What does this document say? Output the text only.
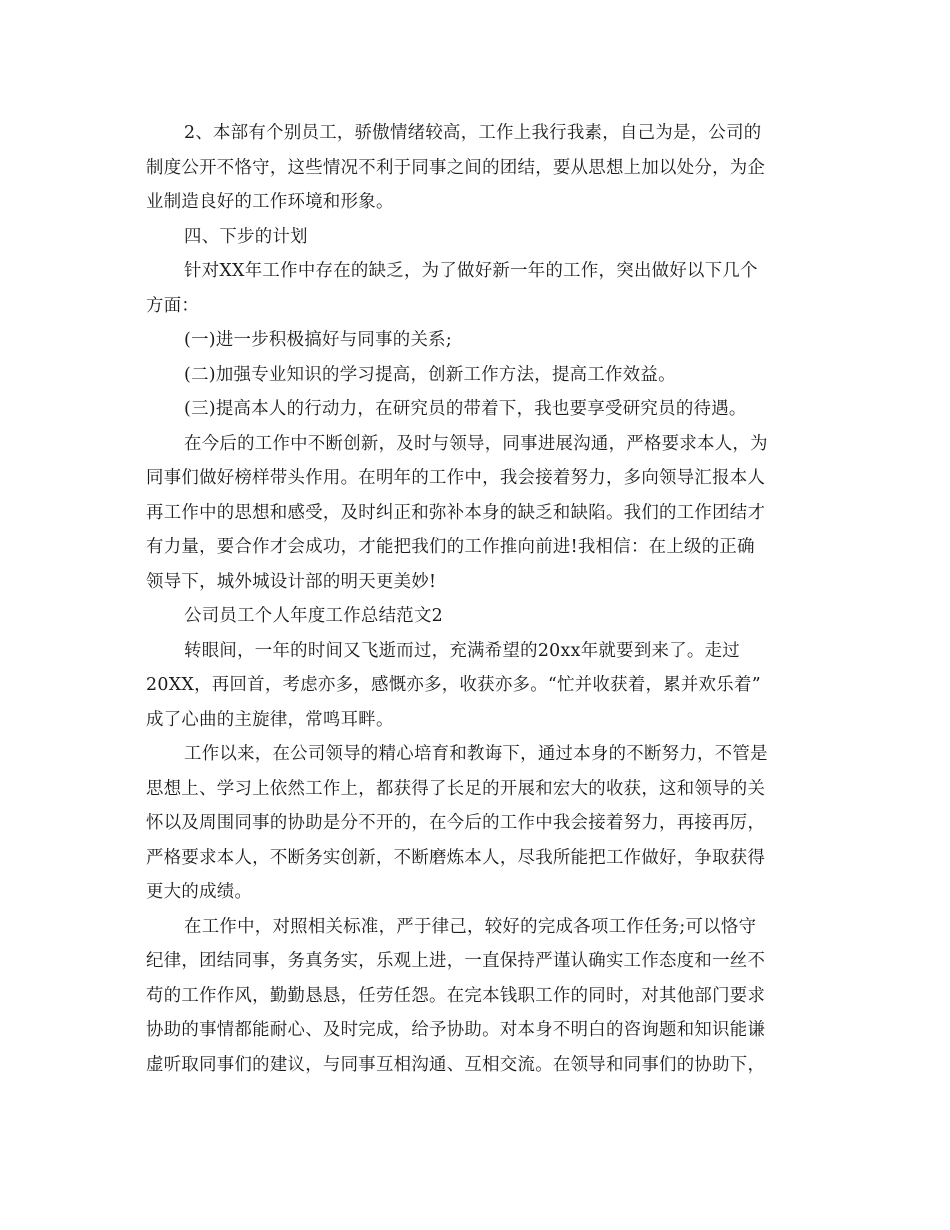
2、本部有个别员工，骄傲情绪较高，工作上我行我素，自己为是，公司的
制度公开不恪守，这些情况不利于同事之间的团结，要从思想上加以处分，为企
业制造良好的工作环境和形象。
四、下步的计划
针对XX年工作中存在的缺乏，为了做好新一年的工作，突出做好以下几个
方面：
(一)进一步积极搞好与同事的关系;
(二)加强专业知识的学习提高，创新工作方法，提高工作效益。
(三)提高本人的行动力，在研究员的带着下，我也要享受研究员的待遇。
在今后的工作中不断创新，及时与领导，同事进展沟通，严格要求本人，为
同事们做好榜样带头作用。在明年的工作中，我会接着努力，多向领导汇报本人
再工作中的思想和感受，及时纠正和弥补本身的缺乏和缺陷。我们的工作团结才
有力量，要合作才会成功，才能把我们的工作推向前进!我相信：在上级的正确
领导下，城外城设计部的明天更美妙!
公司员工个人年度工作总结范文2
转眼间，一年的时间又飞逝而过，充满希望的20xx年就要到来了。走过
20XX，再回首，考虑亦多，感慨亦多，收获亦多。“忙并收获着，累并欢乐着”
成了心曲的主旋律，常鸣耳畔。
工作以来，在公司领导的精心培育和教诲下，通过本身的不断努力，不管是
思想上、学习上依然工作上，都获得了长足的开展和宏大的收获，这和领导的关
怀以及周围同事的协助是分不开的，在今后的工作中我会接着努力，再接再厉，
严格要求本人，不断务实创新，不断磨炼本人，尽我所能把工作做好，争取获得
更大的成绩。
在工作中，对照相关标准，严于律己，较好的完成各项工作任务;可以恪守
纪律，团结同事，务真务实，乐观上进，一直保持严谨认确实工作态度和一丝不
苟的工作作风，勤勤恳恳，任劳任怨。在完本钱职工作的同时，对其他部门要求
协助的事情都能耐心、及时完成，给予协助。对本身不明白的咨询题和知识能谦
虚听取同事们的建议，与同事互相沟通、互相交流。在领导和同事们的协助下，
